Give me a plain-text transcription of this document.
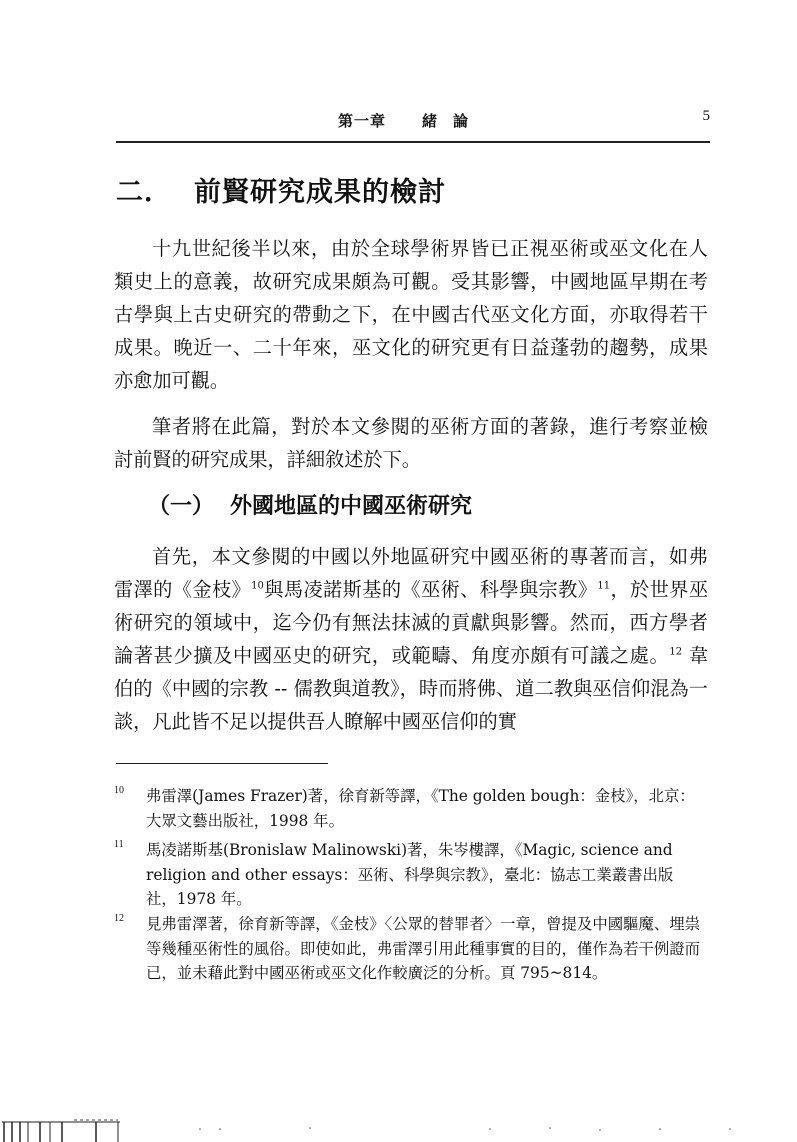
第一章 緒論	5
二． 前賢研究成果的檢討

十九世紀後半以來，由於全球學術界皆已正視巫術或巫文化在人類史上的意義，故研究成果頗為可觀。受其影響，中國地區早期在考古學與上古史研究的帶動之下，在中國古代巫文化方面，亦取得若干成果。晚近一、二十年來，巫文化的研究更有日益蓬勃的趨勢，成果亦愈加可觀。

筆者將在此篇，對於本文參閱的巫術方面的著錄，進行考察並檢討前賢的研究成果，詳細敘述於下。

（一） 外國地區的中國巫術研究

首先，本文參閱的中國以外地區研究中國巫術的專著而言，如弗雷澤的《金枝》$^{10}$與馬凌諾斯基的《巫術、科學與宗教》$^{11}$，於世界巫術研究的領域中，迄今仍有無法抹滅的貢獻與影響。然而，西方學者論著甚少擴及中國巫史的研究，或範疇、角度亦頗有可議之處。$^{12}$ 韋伯的《中國的宗教 -- 儒教與道教》，時而將佛、道二教與巫信仰混為一談，凡此皆不足以提供吾人瞭解中國巫信仰的實

10 弗雷澤(James Frazer)著，徐育新等譯，《The golden bough：金枝》，北京：大眾文藝出版社，1998 年。
11 馬凌諾斯基(Bronislaw Malinowski)著，朱岑樓譯，《Magic, science and religion and other essays：巫術、科學與宗教》，臺北：協志工業叢書出版社，1978 年。
12 見弗雷澤著，徐育新等譯，《金枝》〈公眾的替罪者〉一章，曾提及中國驅魔、埋祟等幾種巫術性的風俗。即使如此，弗雷澤引用此種事實的目的，僅作為若干例證而已，並未藉此對中國巫術或巫文化作較廣泛的分析。頁 795~814。
